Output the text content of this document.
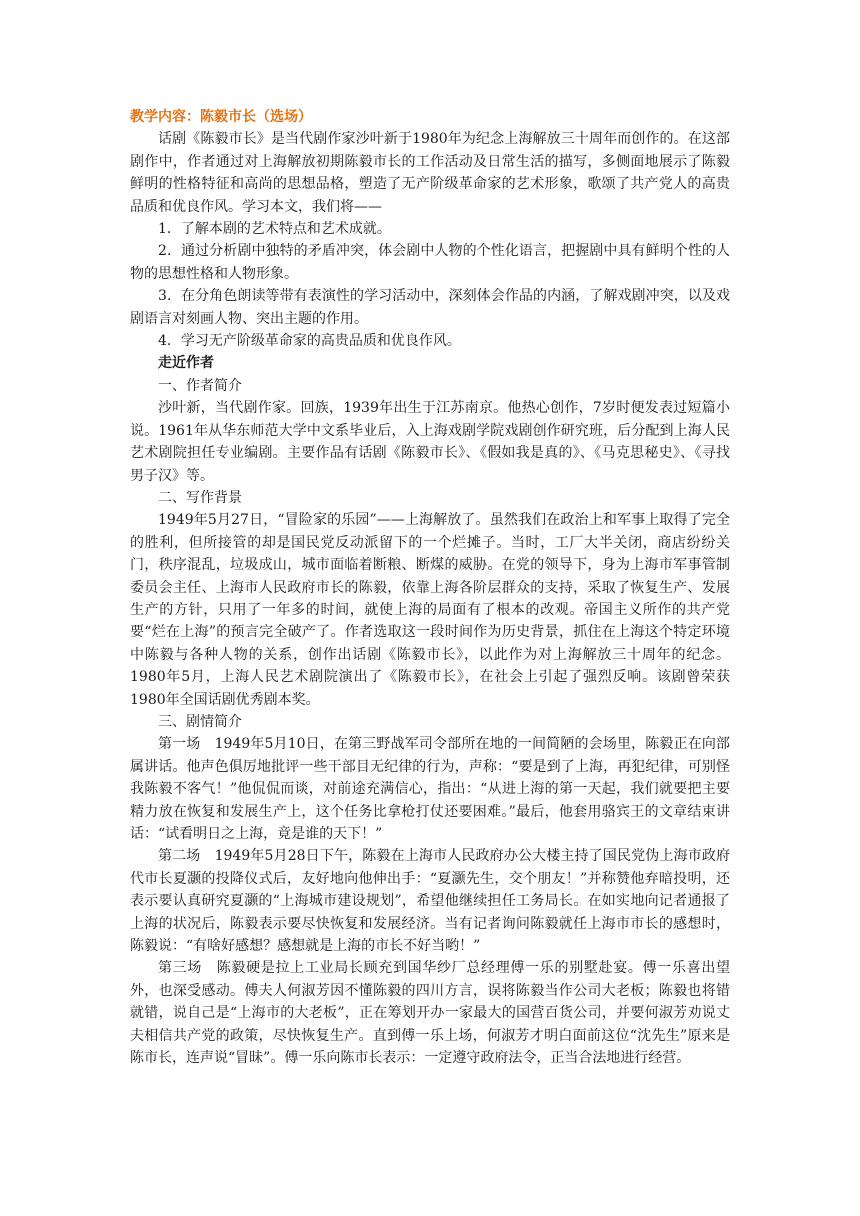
教学内容：陈毅市长（选场）

话剧《陈毅市长》是当代剧作家沙叶新于1980年为纪念上海解放三十周年而创作的。在这部剧作中，作者通过对上海解放初期陈毅市长的工作活动及日常生活的描写，多侧面地展示了陈毅鲜明的性格特征和高尚的思想品格，塑造了无产阶级革命家的艺术形象，歌颂了共产党人的高贵品质和优良作风。学习本文，我们将——

1．了解本剧的艺术特点和艺术成就。

2．通过分析剧中独特的矛盾冲突，体会剧中人物的个性化语言，把握剧中具有鲜明个性的人物的思想性格和人物形象。

3．在分角色朗读等带有表演性的学习活动中，深刻体会作品的内涵，了解戏剧冲突，以及戏剧语言对刻画人物、突出主题的作用。

4．学习无产阶级革命家的高贵品质和优良作风。

走近作者

一、作者简介

沙叶新，当代剧作家。回族，1939年出生于江苏南京。他热心创作，7岁时便发表过短篇小说。1961年从华东师范大学中文系毕业后，入上海戏剧学院戏剧创作研究班，后分配到上海人民艺术剧院担任专业编剧。主要作品有话剧《陈毅市长》、《假如我是真的》、《马克思秘史》、《寻找男子汉》等。

二、写作背景

1949年5月27日，“冒险家的乐园”——上海解放了。虽然我们在政治上和军事上取得了完全的胜利，但所接管的却是国民党反动派留下的一个烂摊子。当时，工厂大半关闭，商店纷纷关门，秩序混乱，垃圾成山，城市面临着断粮、断煤的威胁。在党的领导下，身为上海市军事管制委员会主任、上海市人民政府市长的陈毅，依靠上海各阶层群众的支持，采取了恢复生产、发展生产的方针，只用了一年多的时间，就使上海的局面有了根本的改观。帝国主义所作的共产党要“烂在上海”的预言完全破产了。作者选取这一段时间作为历史背景，抓住在上海这个特定环境中陈毅与各种人物的关系，创作出话剧《陈毅市长》，以此作为对上海解放三十周年的纪念。1980年5月，上海人民艺术剧院演出了《陈毅市长》，在社会上引起了强烈反响。该剧曾荣获1980年全国话剧优秀剧本奖。

三、剧情简介

第一场　1949年5月10日，在第三野战军司令部所在地的一间简陋的会场里，陈毅正在向部属讲话。他声色俱厉地批评一些干部目无纪律的行为，声称：“要是到了上海，再犯纪律，可别怪我陈毅不客气！”他侃侃而谈，对前途充满信心，指出：“从进上海的第一天起，我们就要把主要精力放在恢复和发展生产上，这个任务比拿枪打仗还要困难。”最后，他套用骆宾王的文章结束讲话：“试看明日之上海，竟是谁的天下！”

第二场　1949年5月28日下午，陈毅在上海市人民政府办公大楼主持了国民党伪上海市政府代市长夏灏的投降仪式后，友好地向他伸出手：“夏灏先生，交个朋友！”并称赞他弃暗投明，还表示要认真研究夏灏的“上海城市建设规划”，希望他继续担任工务局长。在如实地向记者通报了上海的状况后，陈毅表示要尽快恢复和发展经济。当有记者询问陈毅就任上海市市长的感想时，陈毅说：“有啥好感想？感想就是上海的市长不好当哟！”

第三场　陈毅硬是拉上工业局长顾充到国华纱厂总经理傅一乐的别墅赴宴。傅一乐喜出望外，也深受感动。傅夫人何淑芳因不懂陈毅的四川方言，误将陈毅当作公司大老板；陈毅也将错就错，说自己是“上海市的大老板”，正在筹划开办一家最大的国营百货公司，并要何淑芳劝说丈夫相信共产党的政策，尽快恢复生产。直到傅一乐上场，何淑芳才明白面前这位“沈先生”原来是陈市长，连声说“冒昧”。傅一乐向陈市长表示：一定遵守政府法令，正当合法地进行经营。
